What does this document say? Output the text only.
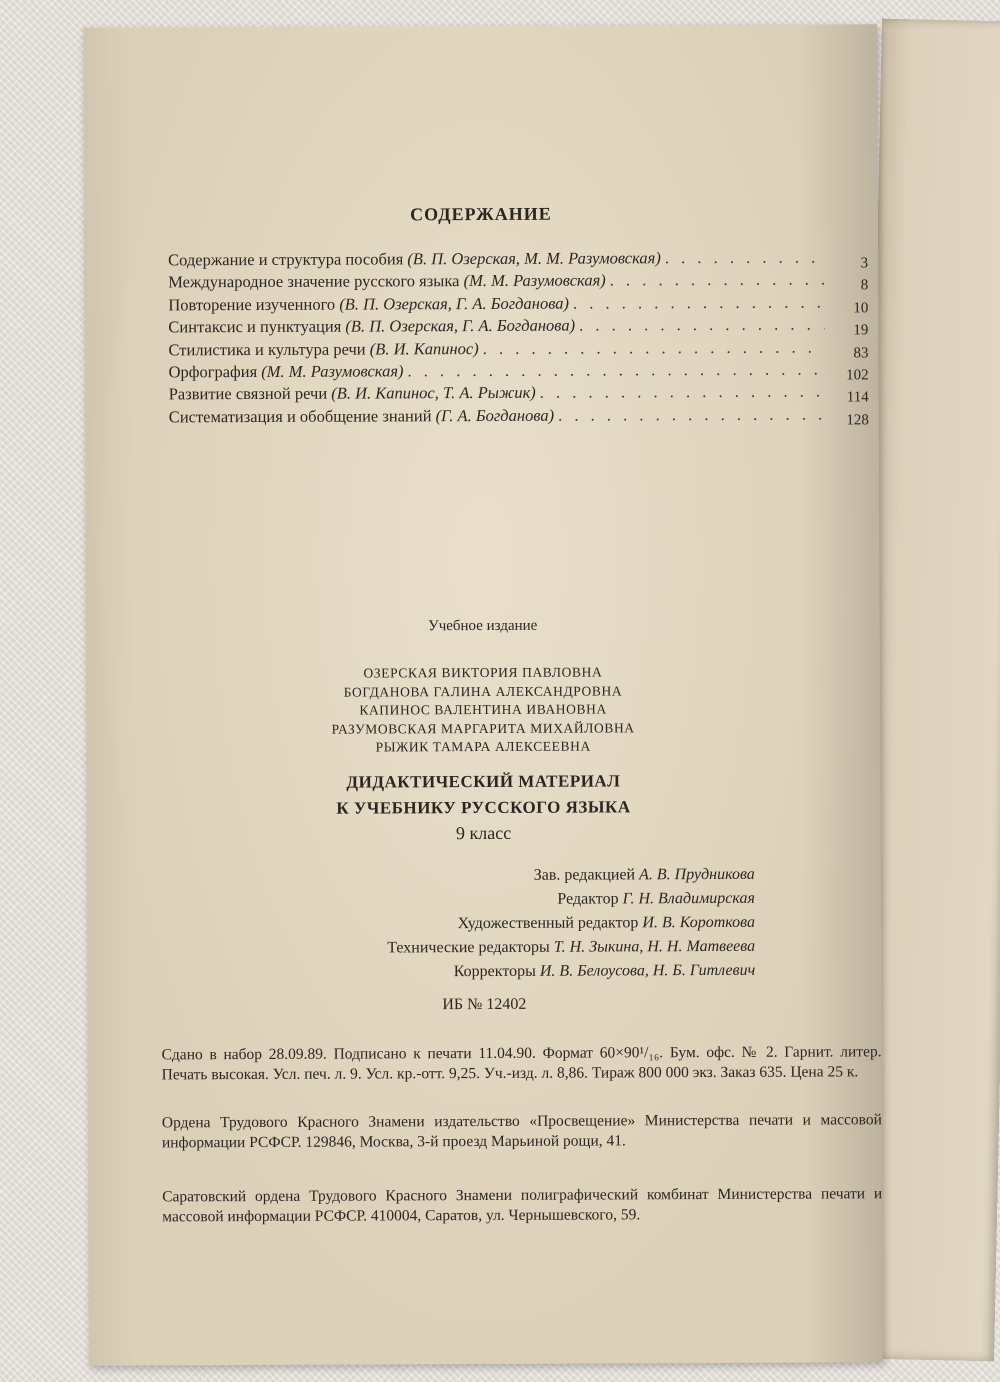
СОДЕРЖАНИЕ
Содержание и структура пособия (В. П. Озерская, М. М. Разумовская) . . .	3
Международное значение русского языка (М. М. Разумовская) . . .	8
Повторение изученного (В. П. Озерская, Г. А. Богданова) . . .	10
Синтаксис и пунктуация (В. П. Озерская, Г. А. Богданова) . . .	19
Стилистика и культура речи (В. И. Капинос) . . .	83
Орфография (М. М. Разумовская) . . .	102
Развитие связной речи (В. И. Капинос, Т. А. Рыжик) . . .	114
Систематизация и обобщение знаний (Г. А. Богданова) . . .	128
Учебное издание
ОЗЕРСКАЯ ВИКТОРИЯ ПАВЛОВНА
БОГДАНОВА ГАЛИНА АЛЕКСАНДРОВНА
КАПИНОС ВАЛЕНТИНА ИВАНОВНА
РАЗУМОВСКАЯ МАРГАРИТА МИХАЙЛОВНА
РЫЖИК ТАМАРА АЛЕКСЕЕВНА
ДИДАКТИЧЕСКИЙ МАТЕРИАЛ
К УЧЕБНИКУ РУССКОГО ЯЗЫКА
9 класс
Зав. редакцией А. В. Прудникова
Редактор Г. Н. Владимирская
Художественный редактор И. В. Короткова
Технические редакторы Т. Н. Зыкина, Н. Н. Матвеева
Корректоры И. В. Белоусова, Н. Б. Гитлевич
ИБ № 12402
Сдано в набор 28.09.89. Подписано к печати 11.04.90. Формат 60×90¹/₁₆. Бум. офс. № 2. Гарнит. литер. Печать высокая. Усл. печ. л. 9. Усл. кр.-отт. 9,25. Уч.-изд. л. 8,86. Тираж 800 000 экз. Заказ 635. Цена 25 к.
Ордена Трудового Красного Знамени издательство «Просвещение» Министерства печати и массовой информации РСФСР. 129846, Москва, 3-й проезд Марьиной рощи, 41.
Саратовский ордена Трудового Красного Знамени полиграфический комбинат Министерства печати и массовой информации РСФСР. 410004, Саратов, ул. Чернышевского, 59.
